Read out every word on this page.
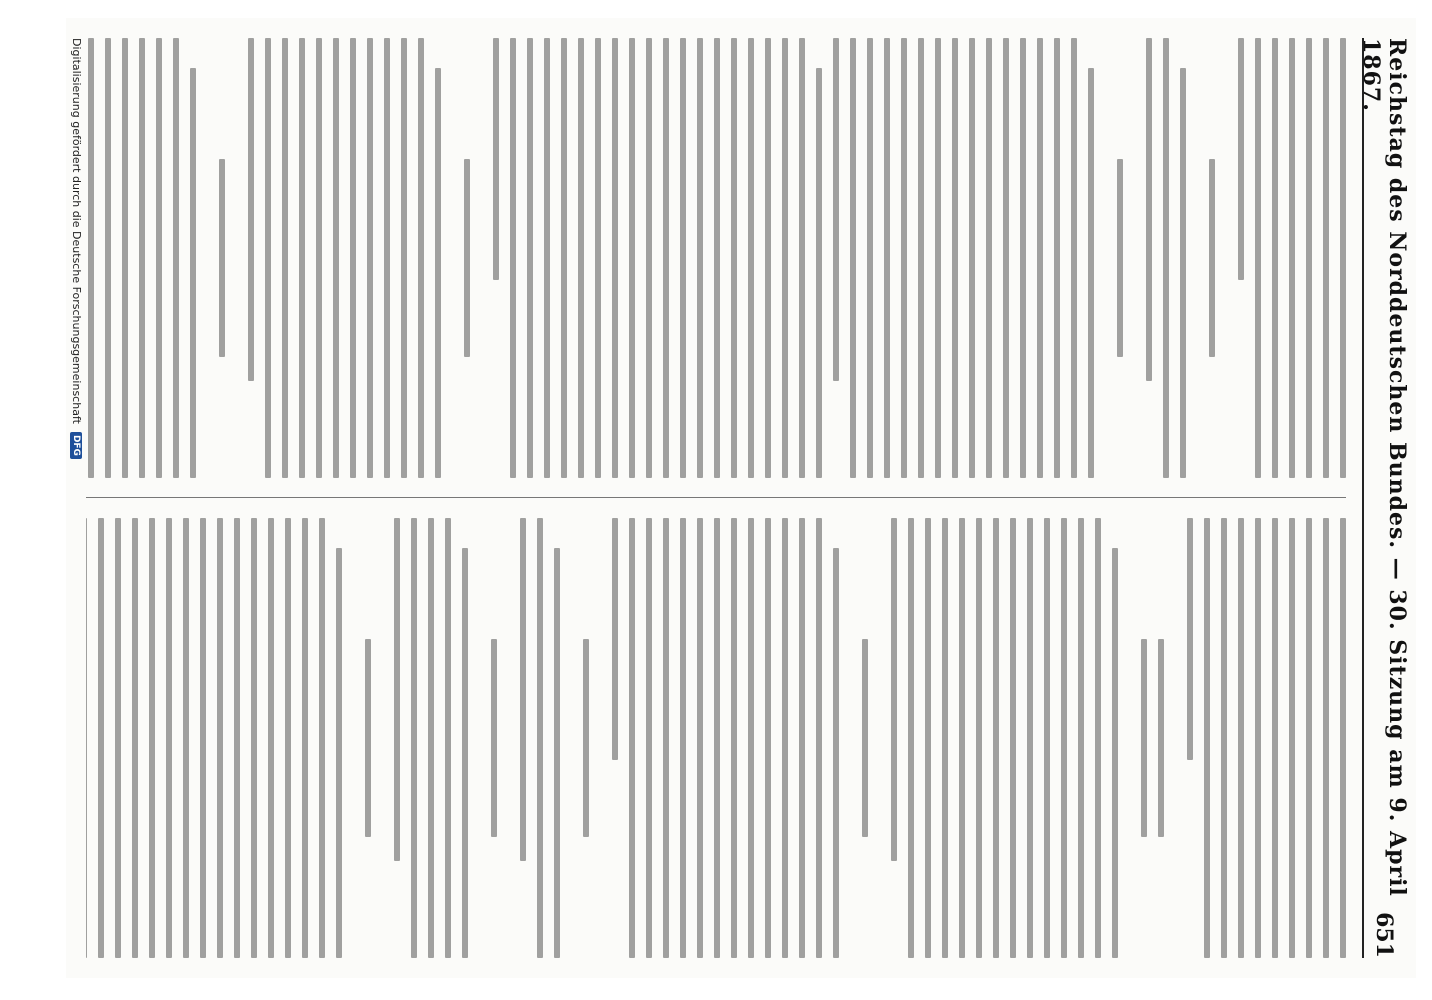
Reichstag des Norddeutschen Bundes. — 30. Sitzung am 9. April 1867.
651
Digitalisierung gefördert durch die Deutsche Forschungsgemeinschaft
DFG
